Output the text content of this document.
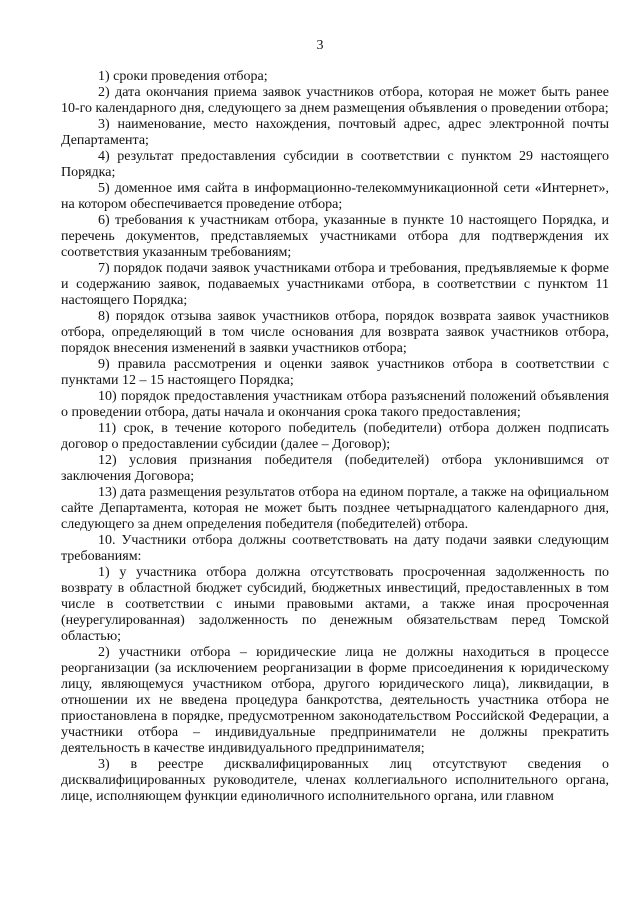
3

1) сроки проведения отбора;

2) дата окончания приема заявок участников отбора, которая не может быть ранее 10-го календарного дня, следующего за днем размещения объявления о проведении отбора;

3) наименование, место нахождения, почтовый адрес, адрес электронной почты Департамента;

4) результат предоставления субсидии в соответствии с пунктом 29 настоящего Порядка;

5) доменное имя сайта в информационно-телекоммуникационной сети «Интернет», на котором обеспечивается проведение отбора;

6) требования к участникам отбора, указанные в пункте 10 настоящего Порядка, и перечень документов, представляемых участниками отбора для подтверждения их соответствия указанным требованиям;

7) порядок подачи заявок участниками отбора и требования, предъявляемые к форме и содержанию заявок, подаваемых участниками отбора, в соответствии с пунктом 11 настоящего Порядка;

8) порядок отзыва заявок участников отбора, порядок возврата заявок участников отбора, определяющий в том числе основания для возврата заявок участников отбора, порядок внесения изменений в заявки участников отбора;

9) правила рассмотрения и оценки заявок участников отбора в соответствии с пунктами 12 – 15 настоящего Порядка;

10) порядок предоставления участникам отбора разъяснений положений объявления о проведении отбора, даты начала и окончания срока такого предоставления;

11) срок, в течение которого победитель (победители) отбора должен подписать договор о предоставлении субсидии (далее – Договор);

12) условия признания победителя (победителей) отбора уклонившимся от заключения Договора;

13) дата размещения результатов отбора на едином портале, а также на официальном сайте Департамента, которая не может быть позднее четырнадцатого календарного дня, следующего за днем определения победителя (победителей) отбора.

10. Участники отбора должны соответствовать на дату подачи заявки следующим требованиям:

1) у участника отбора должна отсутствовать просроченная задолженность по возврату в областной бюджет субсидий, бюджетных инвестиций, предоставленных в том числе в соответствии с иными правовыми актами, а также иная просроченная (неурегулированная) задолженность по денежным обязательствам перед Томской областью;

2) участники отбора – юридические лица не должны находиться в процессе реорганизации (за исключением реорганизации в форме присоединения к юридическому лицу, являющемуся участником отбора, другого юридического лица), ликвидации, в отношении их не введена процедура банкротства, деятельность участника отбора не приостановлена в порядке, предусмотренном законодательством Российской Федерации, а участники отбора – индивидуальные предприниматели не должны прекратить деятельность в качестве индивидуального предпринимателя;

3) в реестре дисквалифицированных лиц отсутствуют сведения о дисквалифицированных руководителе, членах коллегиального исполнительного органа, лице, исполняющем функции единоличного исполнительного органа, или главном
